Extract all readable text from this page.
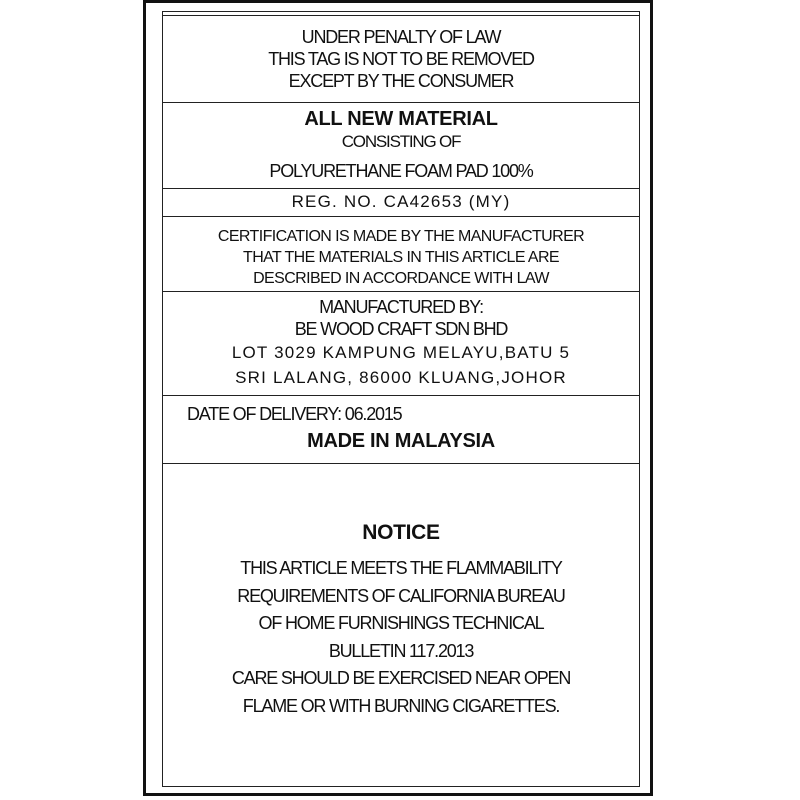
UNDER PENALTY OF LAW
THIS TAG IS NOT TO BE REMOVED
EXCEPT BY THE CONSUMER
ALL NEW MATERIAL
CONSISTING OF
POLYURETHANE FOAM PAD 100%
REG. NO. CA42653 (MY)
CERTIFICATION IS MADE BY THE MANUFACTURER
THAT THE MATERIALS IN THIS ARTICLE ARE
DESCRIBED IN ACCORDANCE WITH LAW
MANUFACTURED BY:
BE WOOD CRAFT SDN BHD
LOT 3029 KAMPUNG MELAYU,BATU 5
SRI LALANG, 86000 KLUANG,JOHOR
DATE OF DELIVERY: 06.2015
MADE IN MALAYSIA
NOTICE
THIS ARTICLE MEETS THE FLAMMABILITY
REQUIREMENTS OF CALIFORNIA BUREAU
OF HOME FURNISHINGS TECHNICAL
BULLETIN 117.2013
CARE SHOULD BE EXERCISED NEAR OPEN
FLAME OR WITH BURNING CIGARETTES.
